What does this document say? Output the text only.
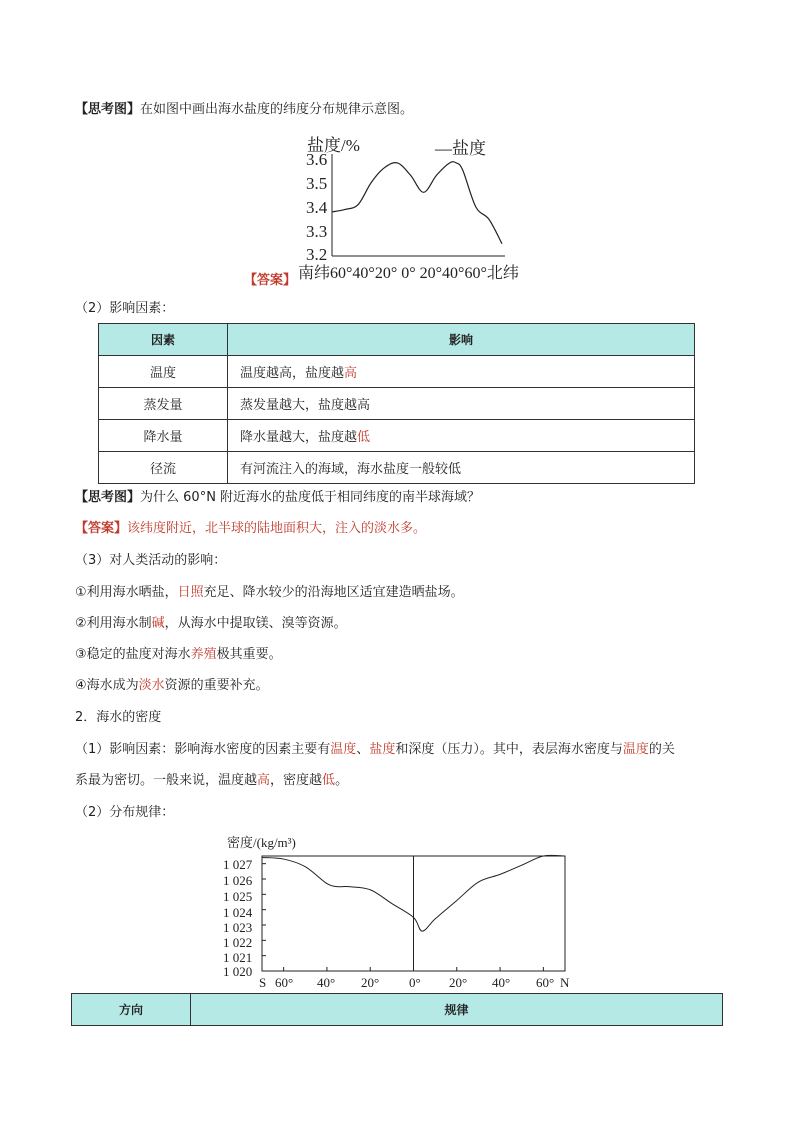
【思考图】在如图中画出海水盐度的纬度分布规律示意图。
盐度/%	—盐度
3.6
3.5
3.4
3.3
3.2
南纬60°40°20° 0° 20°40°60°北纬
【答案】
（2）影响因素：
因素	影响
温度	温度越高，盐度越高
蒸发量	蒸发量越大，盐度越高
降水量	降水量越大，盐度越低
径流	有河流注入的海域，海水盐度一般较低
【思考图】为什么 60°N 附近海水的盐度低于相同纬度的南半球海域？
【答案】该纬度附近，北半球的陆地面积大，注入的淡水多。
（3）对人类活动的影响：
①利用海水晒盐，日照充足、降水较少的沿海地区适宜建造晒盐场。
②利用海水制碱，从海水中提取镁、溴等资源。
③稳定的盐度对海水养殖极其重要。
④海水成为淡水资源的重要补充。
2．海水的密度
（1）影响因素：影响海水密度的因素主要有温度、盐度和深度（压力）。其中，表层海水密度与温度的关
系最为密切。一般来说，温度越高，密度越低。
（2）分布规律：
密度/(kg/m³)
1 027
1 026
1 025
1 024
1 023
1 022
1 021
1 020
S 60° 40° 20° 0° 20° 40° 60° N
方向	规律
